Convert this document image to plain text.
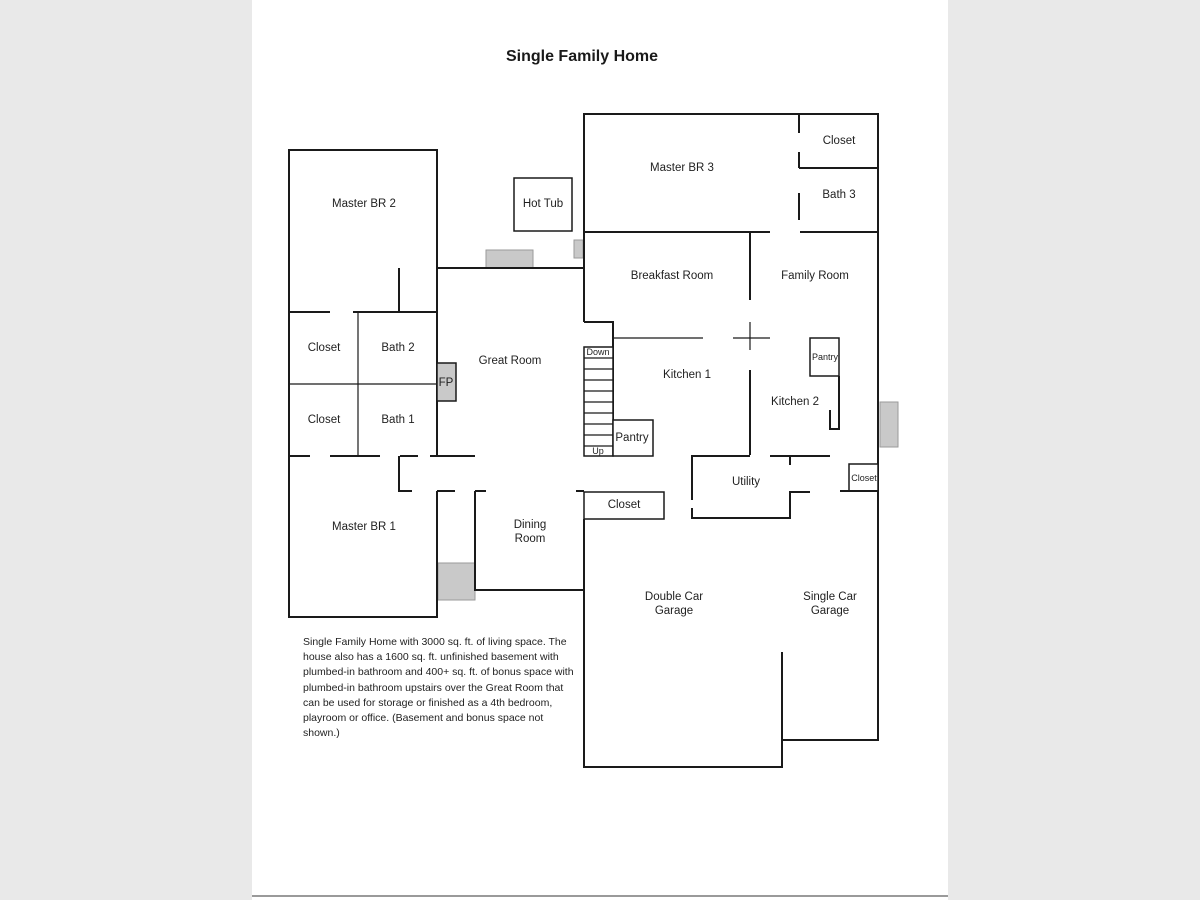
Single Family Home
Master BR 2
Closet	Bath 2
Closet	Bath 1
Master BR 1
FP
Great Room
Hot Tub
Dining
Room
Master BR 3
Closet
Bath 3
Breakfast Room	Family Room
Kitchen 1
Kitchen 2
Pantry
Pantry
Down
Up
Utility
Closet
Closet
Double Car
Garage
Single Car
Garage
Single Family Home with 3000 sq. ft. of living space. The house also has a 1600 sq. ft. unfinished basement with plumbed-in bathroom and 400+ sq. ft. of bonus space with plumbed-in bathroom upstairs over the Great Room that can be used for storage or finished as a 4th bedroom, playroom or office. (Basement and bonus space not shown.)
